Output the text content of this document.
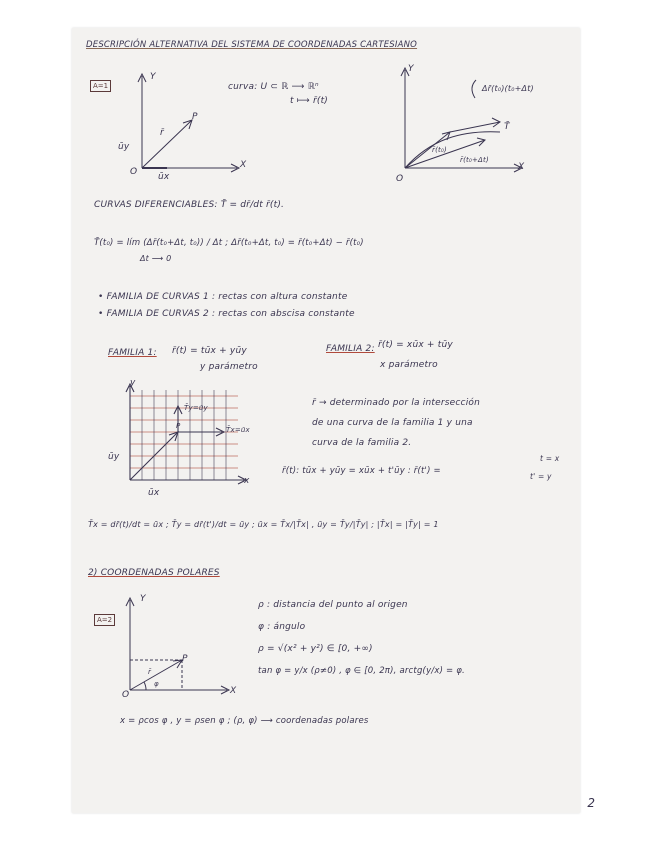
DESCRIPCIÓN ALTERNATIVA DEL SISTEMA DE COORDENADAS CARTESIANO
A=1
Y
X
O
r̄
P
ūy
ūx
curva: U ⊂ ℝ ⟶ ℝⁿ
t ⟼ r̄(t)
Y
X
O
Δr̄(t₀)(t₀+Δt)
r̄(t₀)
r̄(t₀+Δt)
T̄
CURVAS DIFERENCIABLES: T̄ = dr̄/dt r̄(t).
T̄(t₀) = lím (Δr̄(t₀+Δt, t₀)) / Δt ; Δr̄(t₀+Δt, t₀) = r̄(t₀+Δt) − r̄(t₀)
Δt ⟶ 0
• FAMILIA DE CURVAS 1 : rectas con altura constante
• FAMILIA DE CURVAS 2 : rectas con abscisa constante
FAMILIA 1: r̄(t) = tūx + yūy
y parámetro
FAMILIA 2: r̄(t) = xūx + tūy
x parámetro
y
x
T̄y=ūy
T̄x=ūx
P
ūy
ūx
r̄ → determinado por la intersección
de una curva de la familia 1 y una
curva de la familia 2.
r̄(t): tūx + yūy = xūx + t'ūy : r̄(t') =
t = x
t' = y
T̄x = dr̄(t)/dt = ūx ; T̄y = dr̄(t')/dt = ūy ; ūx = T̄x/|T̄x| , ūy = T̄y/|T̄y| ; |T̄x| = |T̄y| = 1
2) COORDENADAS POLARES
A=2
Y
X
O
P
r̄
φ
ρ : distancia del punto al origen
φ : ángulo
ρ = √(x² + y²) ∈ [0, +∞)
tan φ = y/x (ρ≠0) , φ ∈ [0, 2π), arctg(y/x) = φ.
x = ρcos φ , y = ρsen φ ; (ρ, φ) ⟶ coordenadas polares
2
